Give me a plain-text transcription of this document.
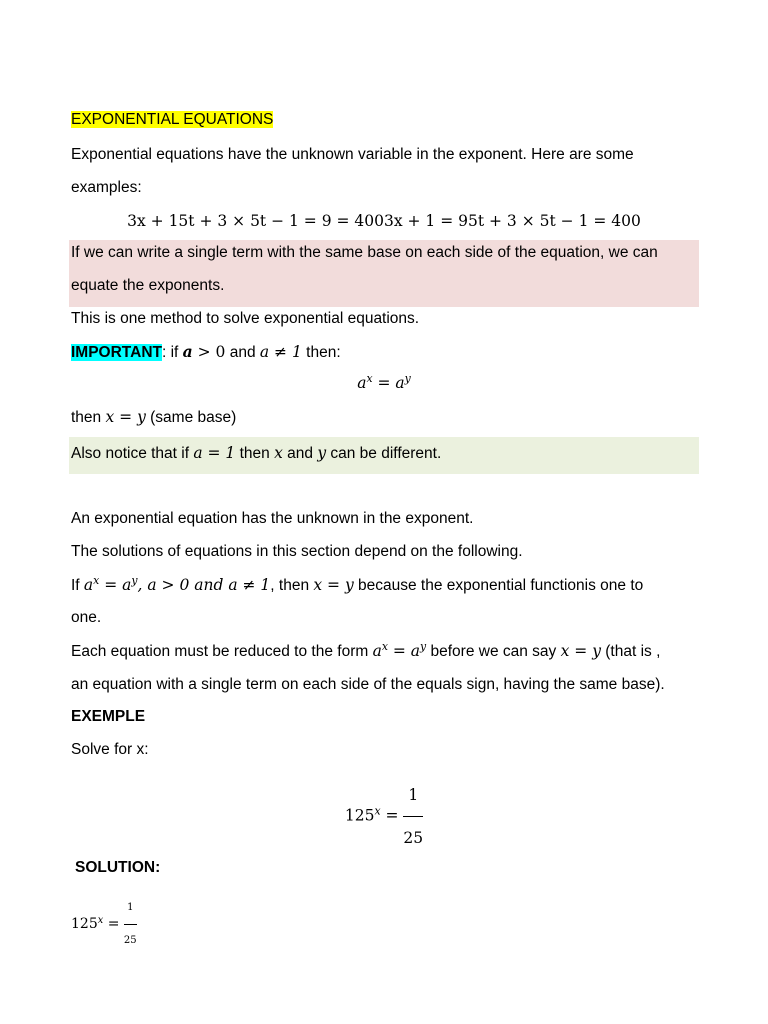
EXPONENTIAL EQUATIONS
Exponential equations have the unknown variable in the exponent. Here are some
examples:
3x + 15t + 3 × 5t − 1 = 9 = 4003x + 1 = 95t + 3 × 5t − 1 = 400
If we can write a single term with the same base on each side of the equation, we can
equate the exponents.
This is one method to solve exponential equations.
IMPORTANT: if a > 0 and a ≠ 1 then:
$a^x = a^y$
then x = y (same base)
Also notice that if a = 1 then x and y can be different.
An exponential equation has the unknown in the exponent.
The solutions of equations in this section depend on the following.
If $a^x = a^y$, a > 0 and a ≠ 1, then x = y because the exponential functionis one to
one.
Each equation must be reduced to the form $a^x = a^y$ before we can say x = y (that is ,
an equation with a single term on each side of the equals sign, having the same base).
EXEMPLE
Solve for x:
$125^x = \frac{1}{25}$
SOLUTION:
$125^x = \frac{1}{25}$
